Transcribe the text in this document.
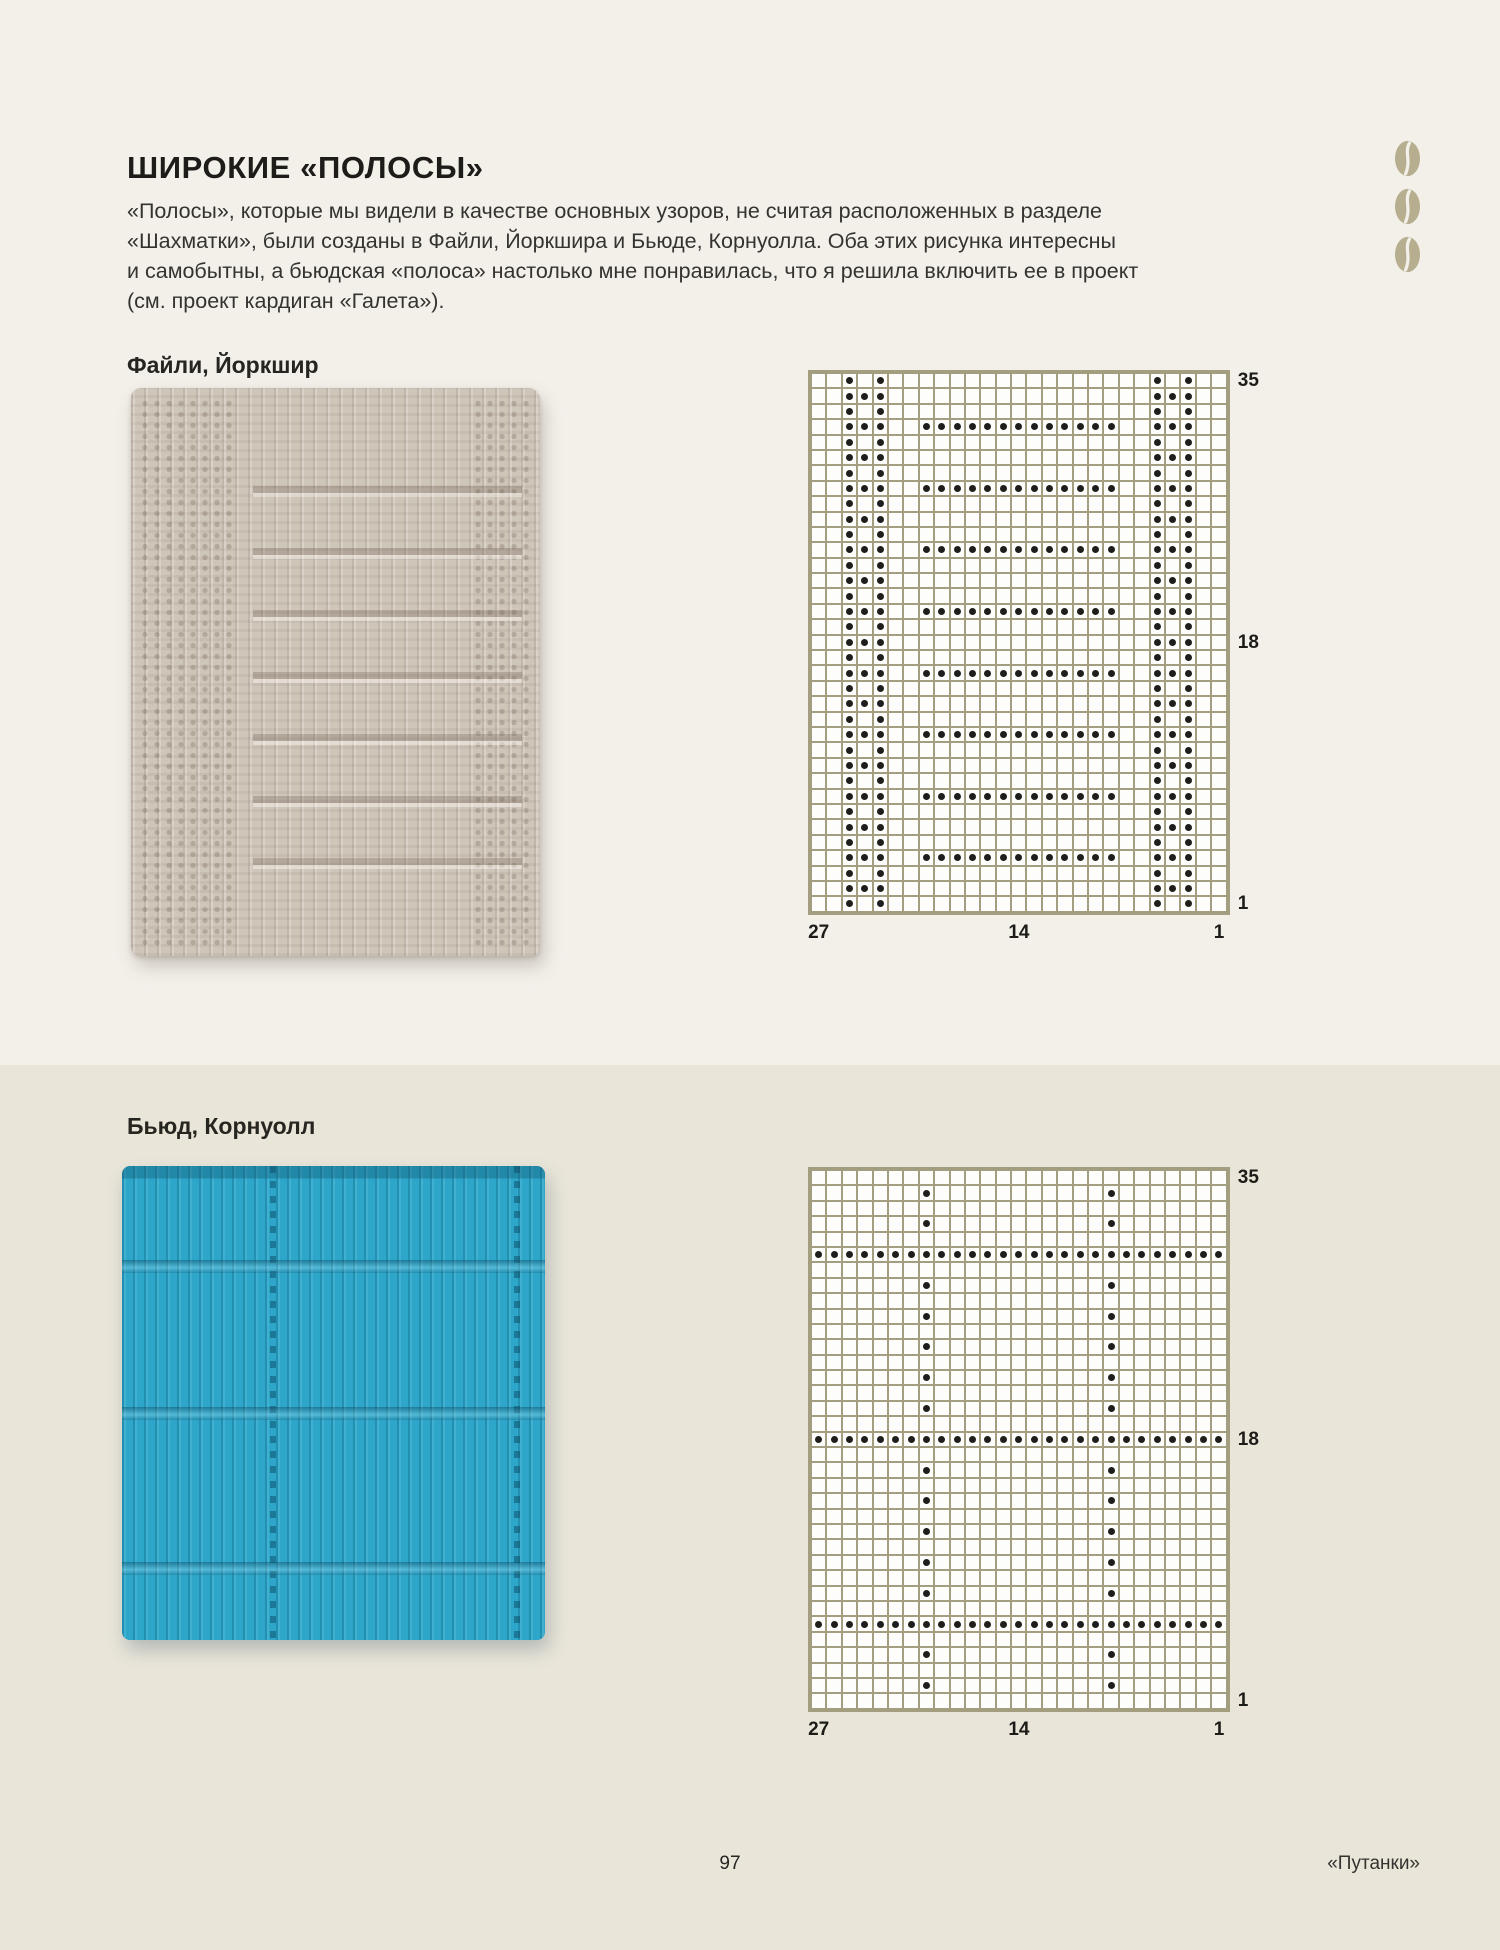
ШИРОКИЕ «ПОЛОСЫ»
«Полосы», которые мы видели в качестве основных узоров, не считая расположенных в разделе
«Шахматки», были созданы в Файли, Йоркшира и Бьюде, Корнуолла. Оба этих рисунка интересны
и самобытны, а бьюдская «полоса» настолько мне понравилась, что я решила включить ее в проект
(см. проект кардиган «Галета»).
Файли, Йоркшир
35
18
1
27	14	1
Бьюд, Корнуолл
35
18
1
27	14	1
97	«Путанки»
